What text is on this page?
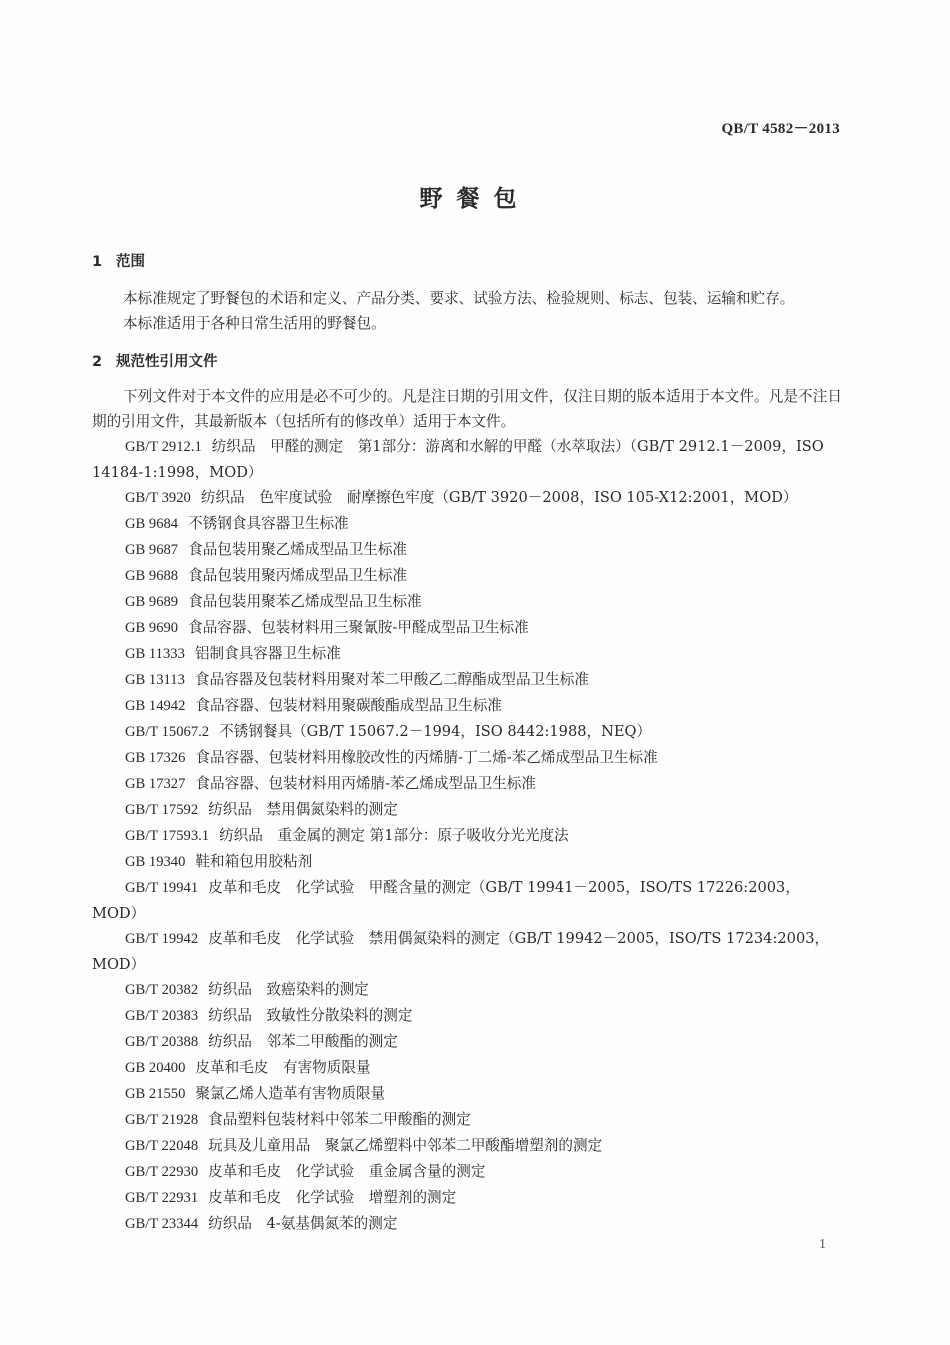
QB/T 4582－2013
野餐包
1 范围

本标准规定了野餐包的术语和定义、产品分类、要求、试验方法、检验规则、标志、包装、运输和贮存。

本标准适用于各种日常生活用的野餐包。

2 规范性引用文件

下列文件对于本文件的应用是必不可少的。凡是注日期的引用文件，仅注日期的版本适用于本文件。凡是不注日期的引用文件，其最新版本（包括所有的修改单）适用于本文件。

GB/T 2912.1 纺织品　甲醛的测定　第1部分：游离和水解的甲醛（水萃取法）（GB/T 2912.1－2009，ISO 14184-1:1998，MOD）
GB/T 3920 纺织品　色牢度试验　耐摩擦色牢度（GB/T 3920－2008，ISO 105-X12:2001，MOD）
GB 9684 不锈钢食具容器卫生标准
GB 9687 食品包装用聚乙烯成型品卫生标准
GB 9688 食品包装用聚丙烯成型品卫生标准
GB 9689 食品包装用聚苯乙烯成型品卫生标准
GB 9690 食品容器、包装材料用三聚氰胺-甲醛成型品卫生标准
GB 11333 铝制食具容器卫生标准
GB 13113 食品容器及包装材料用聚对苯二甲酸乙二醇酯成型品卫生标准
GB 14942 食品容器、包装材料用聚碳酸酯成型品卫生标准
GB/T 15067.2 不锈钢餐具（GB/T 15067.2－1994，ISO 8442:1988，NEQ）
GB 17326 食品容器、包装材料用橡胶改性的丙烯腈-丁二烯-苯乙烯成型品卫生标准
GB 17327 食品容器、包装材料用丙烯腈-苯乙烯成型品卫生标准
GB/T 17592 纺织品　禁用偶氮染料的测定
GB/T 17593.1 纺织品　重金属的测定 第1部分：原子吸收分光光度法
GB 19340 鞋和箱包用胶粘剂
GB/T 19941 皮革和毛皮　化学试验　甲醛含量的测定（GB/T 19941－2005，ISO/TS 17226:2003，MOD）
GB/T 19942 皮革和毛皮　化学试验　禁用偶氮染料的测定（GB/T 19942－2005，ISO/TS 17234:2003，MOD）
GB/T 20382 纺织品　致癌染料的测定
GB/T 20383 纺织品　致敏性分散染料的测定
GB/T 20388 纺织品　邻苯二甲酸酯的测定
GB 20400 皮革和毛皮　有害物质限量
GB 21550 聚氯乙烯人造革有害物质限量
GB/T 21928 食品塑料包装材料中邻苯二甲酸酯的测定
GB/T 22048 玩具及儿童用品　聚氯乙烯塑料中邻苯二甲酸酯增塑剂的测定
GB/T 22930 皮革和毛皮　化学试验　重金属含量的测定
GB/T 22931 皮革和毛皮　化学试验　增塑剂的测定
GB/T 23344 纺织品　4-氨基偶氮苯的测定
1
